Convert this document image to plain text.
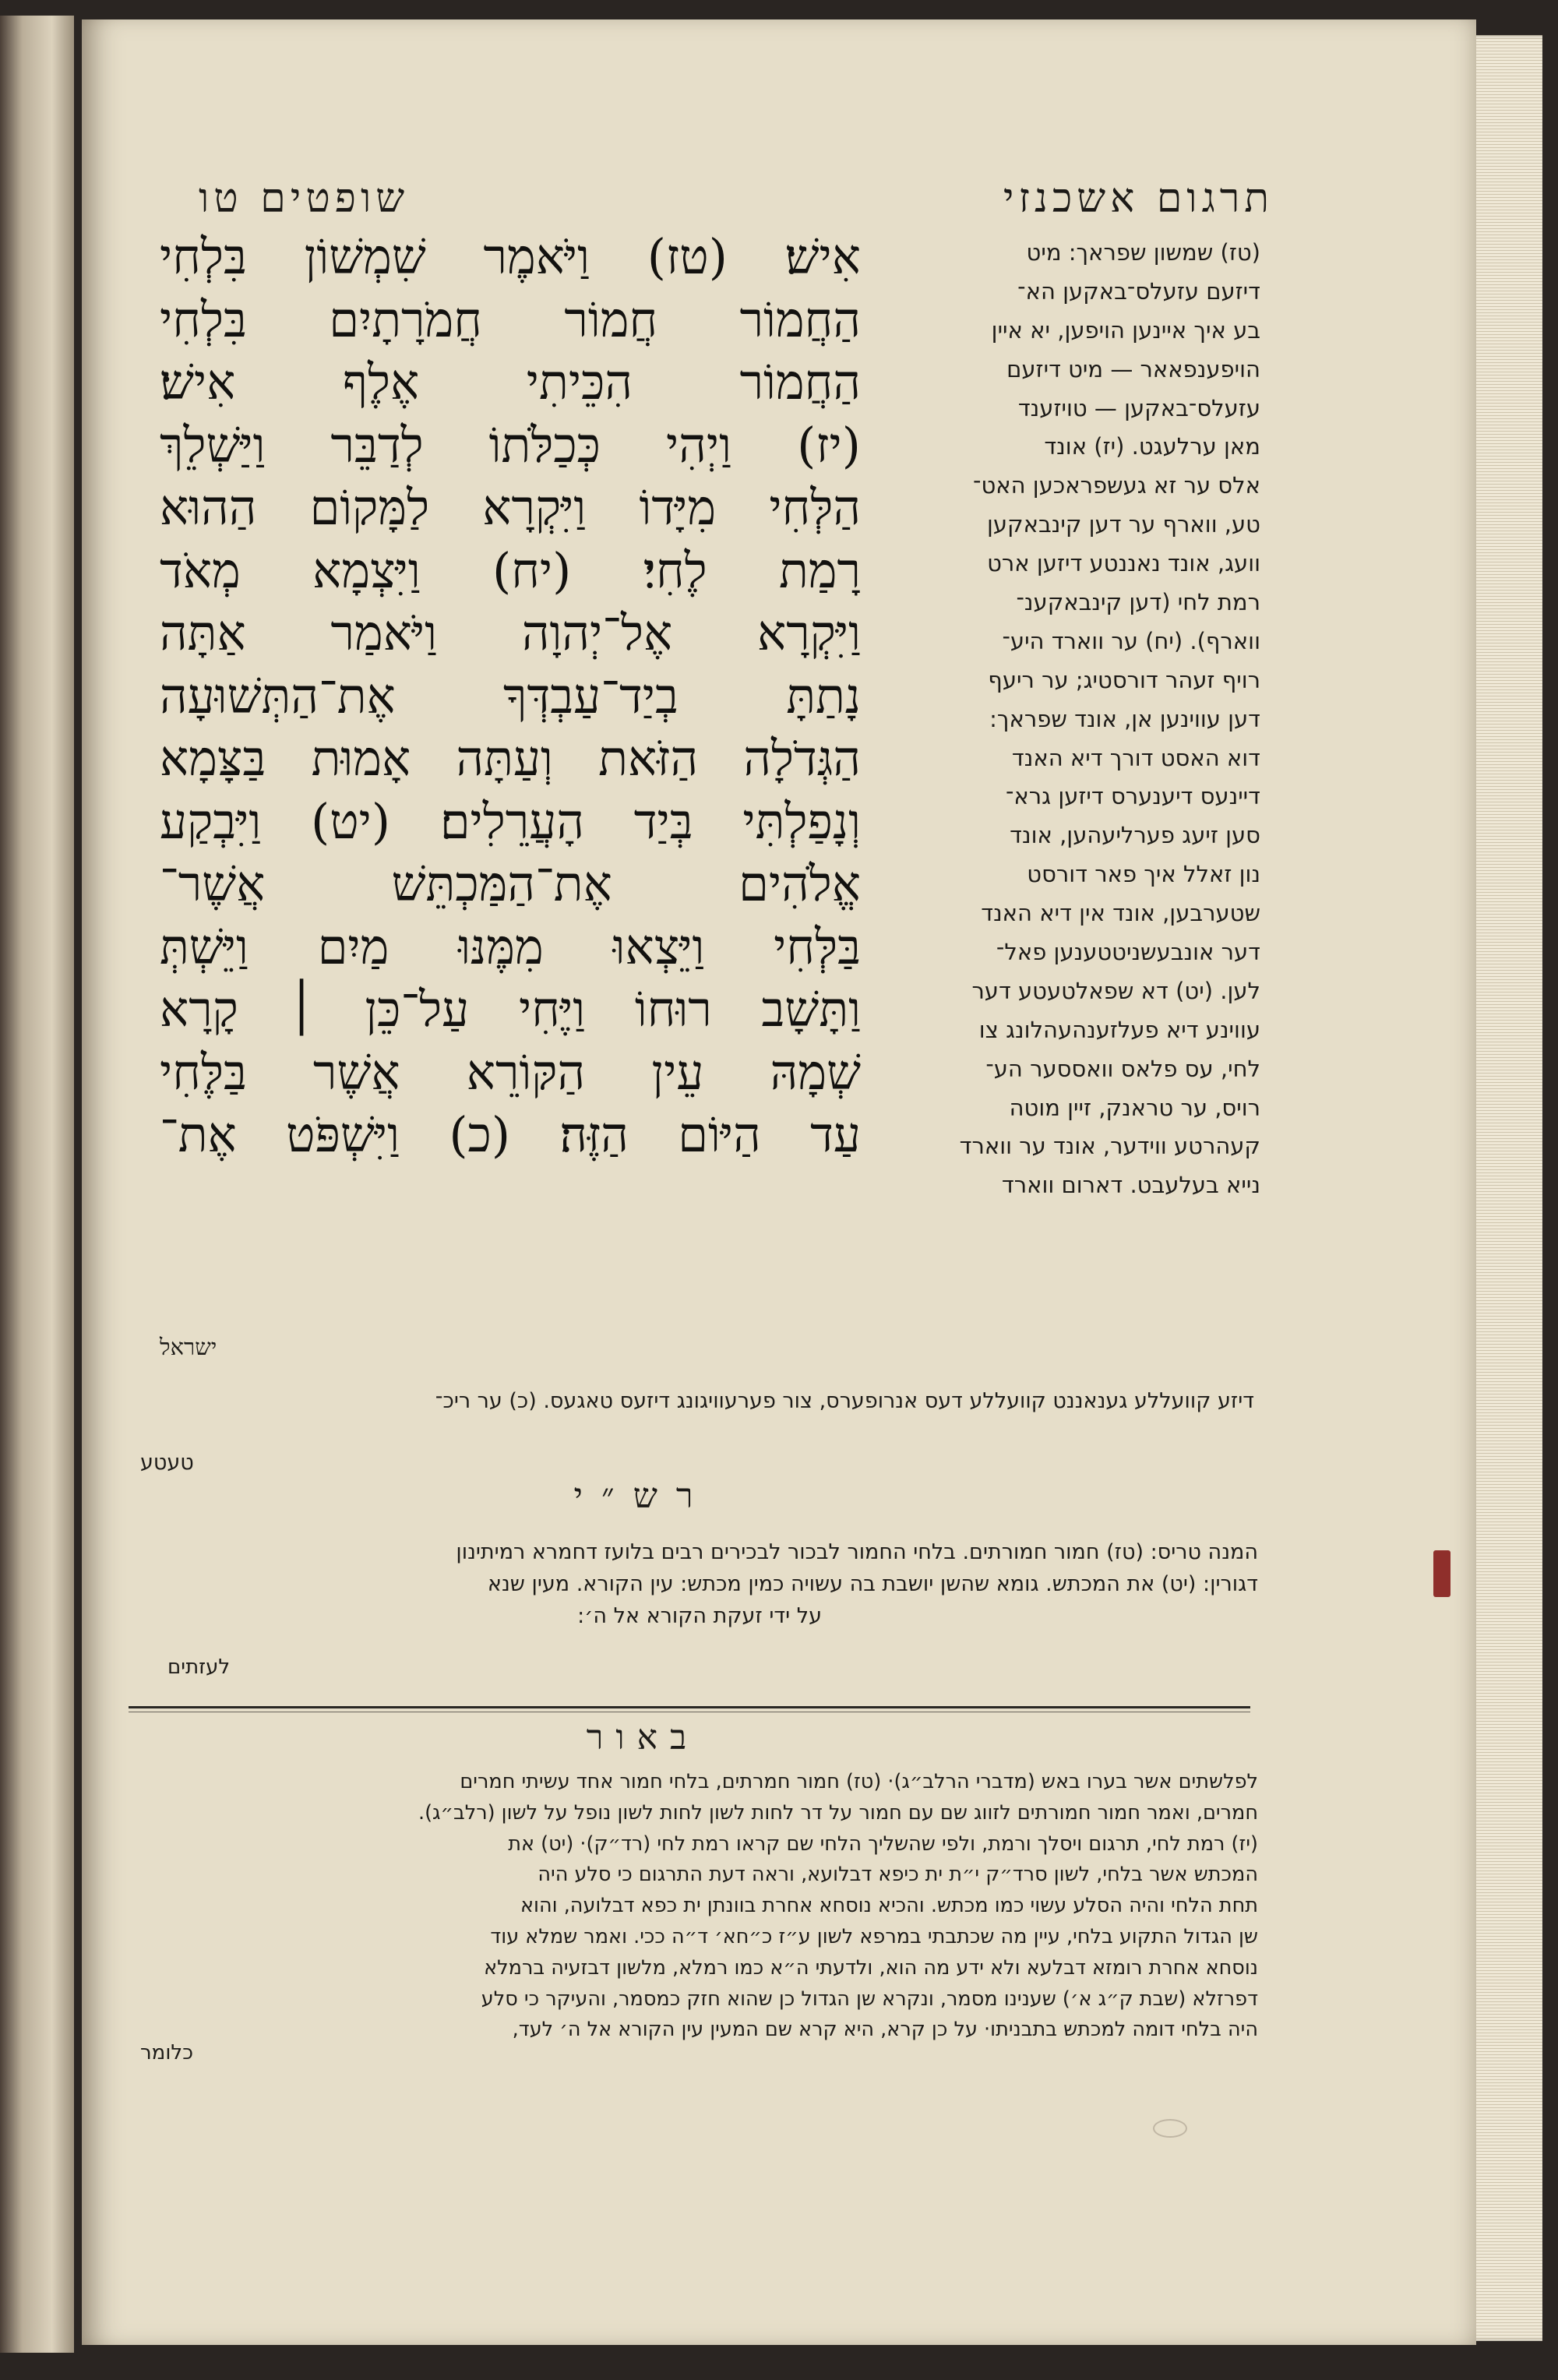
תרגום אשכנזי
שופטים טו
(טז) שמשון שפראך: מיט
דיזעם עזעלס־באקען הא־
בע איך איינען הויפען, יא איין
הויפענפאאר — מיט דיזעם
עזעלס־באקען — טויזענד
מאן ערלעגט. (יז) אונד
אלס ער זא געשפראכען האט־
טע, ווארף ער דען קינבאקען
וועג, אונד נאננטע דיזען ארט
רמת לחי (דען קינבאקענ־
ווארף). (יח) ער ווארד היע־
רויף זעהר דורסטיג; ער ריעף
דען עווינען אן, אונד שפראך:
דוא האסט דורך דיא האנד
דיינעס דיענערס דיזען גרא־
סען זיעג פערליעהען, אונד
נון זאלל איך פאר דורסט
שטערבען, אונד אין דיא האנד
דער אונבעשניטטענען פאל־
לען. (יט) דא שפאלטעטע דער
עווינע דיא פעלזענהעהלונג צו
לחי, עס פלאס וואססער הע־
רויס, ער טראנק, זיין מוטה
קעהרטע ווידער, אונד ער ווארד
נייא בעלעבט. דארום ווארד
אִישׁ׃ (טז) וַיֹּאמֶר שִׁמְשׁוֹן בִּלְחִי
הַחֲמוֹר חֲמוֹר חֲמֹרָתָיִם בִּלְחִי
הַחֲמוֹר הִכֵּיתִי אֶלֶף אִישׁ׃
(יז) וַיְהִי כְּכַלֹּתוֹ לְדַבֵּר וַיַּשְׁלֵךְ
הַלְּחִי מִיָּדוֹ וַיִּקְרָא לַמָּקוֹם הַהוּא
רָמַת לֶחִי׃ (יח) וַיִּצְמָא מְאֹד
וַיִּקְרָא אֶל־יְהוָה וַיֹּאמַר אַתָּה
נָתַתָּ בְיַד־עַבְדְּךָ אֶת־הַתְּשׁוּעָה
הַגְּדֹלָה הַזֹּאת וְעַתָּה אָמוּת בַּצָּמָא
וְנָפַלְתִּי בְּיַד הָעֲרֵלִים׃ (יט) וַיִּבְקַע
אֱלֹהִים אֶת־הַמַּכְתֵּשׁ אֲשֶׁר־
בַּלְּחִי וַיֵּצְאוּ מִמֶּנּוּ מַיִם וַיֵּשְׁתְּ
וַתָּשָׁב רוּחוֹ וַיֶּחִי עַל־כֵּן ׀ קָרָא
שְׁמָהּ עֵין הַקּוֹרֵא אֲשֶׁר בַּלֶּחִי
עַד הַיּוֹם הַזֶּה׃ (כ) וַיִּשְׁפֹּט אֶת־
ישראל
דיזע קוועללע גענאננט קוועללע דעס אנרופערס, צור פערעוויגונג דיזעס טאגעס. (כ) ער ריכ־
טעטע
רש״י
המנה טריס: (טז) חמור חמורתים. בלחי החמור לבכור לבכירים רבים בלועז דחמרא רמיתינון
דגורין: (יט) את המכתש. גומא שהשן יושבת בה עשויה כמין מכתש: עין הקורא. מעין שנא
על ידי זעקת הקורא אל ה׳:
לעזתים
באור
לפלשתים אשר בערו באש (מדברי הרלב״ג)· (טז) חמור חמרתים, בלחי חמור אחד עשיתי חמרים
חמרים, ואמר חמור חמורתים לזווג שם עם חמור על דר לחות לשון לחות לשון נופל על לשון (רלב״ג).
(יז) רמת לחי, תרגום ויסלך ורמת, ולפי שהשליך הלחי שם קראו רמת לחי (רד״ק)· (יט) את
המכתש אשר בלחי, לשון סרד״ק י״ת ית כיפא דבלועא, וראה דעת התרגום כי סלע היה
תחת הלחי והיה הסלע עשוי כמו מכתש. והכיא נוסחא אחרת בוונתן ית כפא דבלועה, והוא
שן הגדול התקוע בלחי, עיין מה שכתבתי במרפא לשון ע״ז כ״חא׳ ד״ה ככי. ואמר שמלא עוד
נוסחא אחרת רומזא דבלעא ולא ידע מה הוא, ולדעתי ה״א כמו רמלא, מלשון דבזעיה ברמלא
דפרזלא (שבת ק״ג א׳) שענינו מסמר, ונקרא שן הגדול כן שהוא חזק כמסמר, והעיקר כי סלע
היה בלחי דומה למכתש בתבניתו· על כן קרא, היא קרא שם המעין עין הקורא אל ה׳ לעד,
כלומר
